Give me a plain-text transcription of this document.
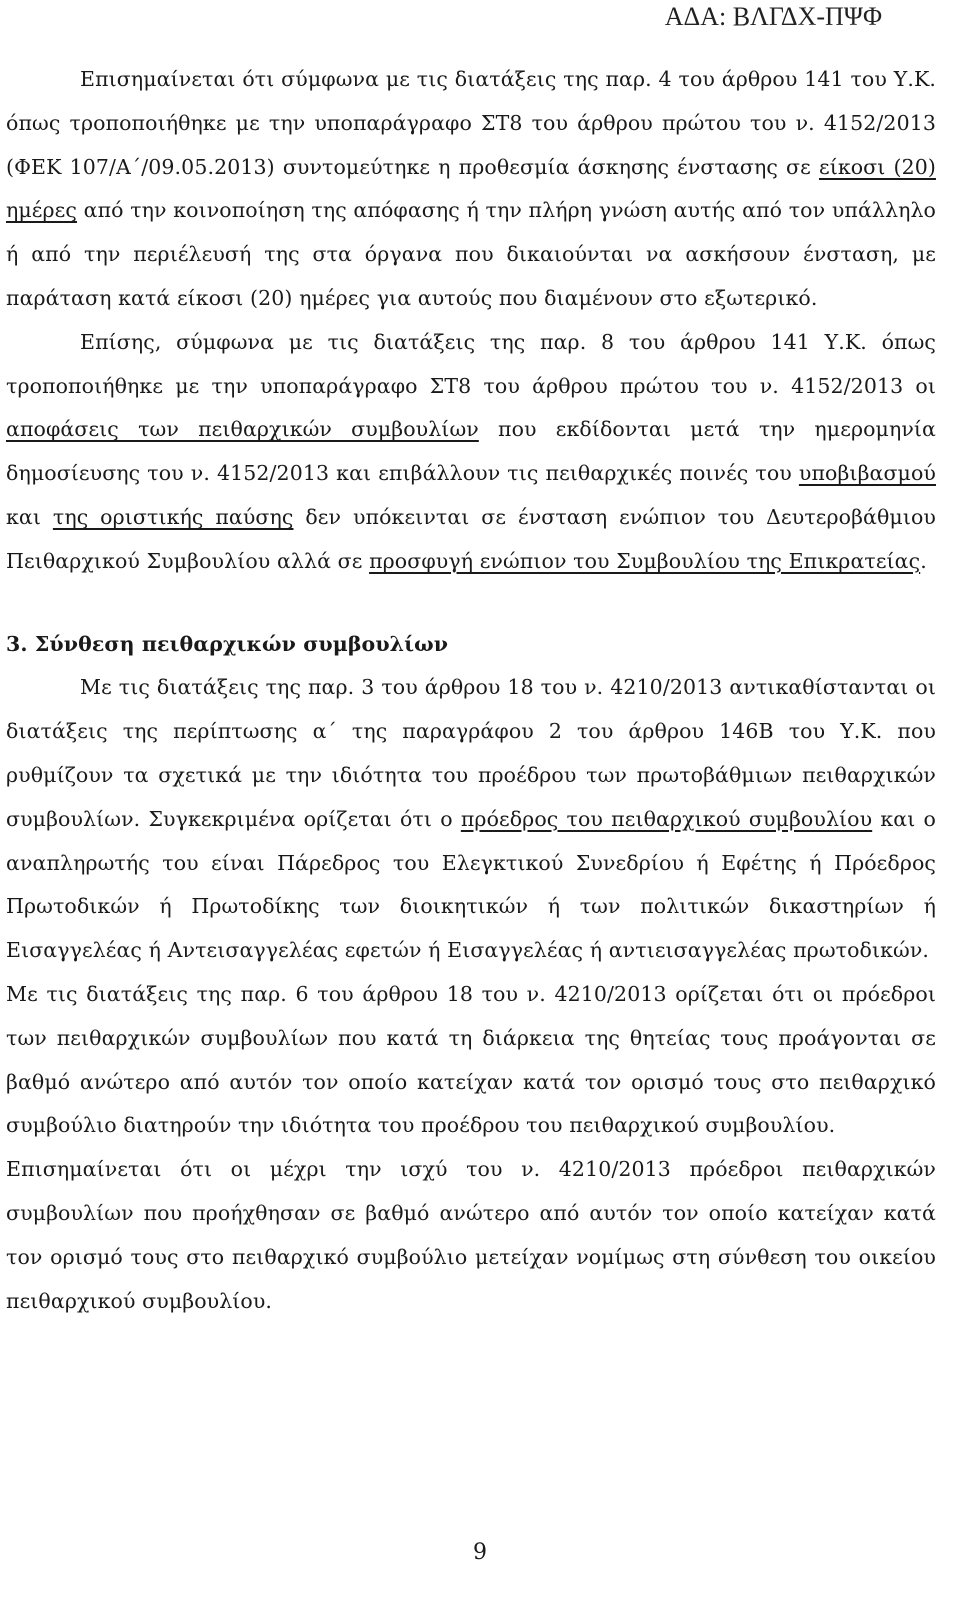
ΑΔΑ: ΒΛΓΔΧ-ΠΨΦ

Επισημαίνεται ότι σύμφωνα με τις διατάξεις της παρ. 4 του άρθρου 141 του Υ.Κ. όπως τροποποιήθηκε με την υποπαράγραφο ΣΤ8 του άρθρου πρώτου του ν. 4152/2013 (ΦΕΚ 107/Α΄/09.05.2013) συντομεύτηκε η προθεσμία άσκησης ένστασης σε είκοσι (20) ημέρες από την κοινοποίηση της απόφασης ή την πλήρη γνώση αυτής από τον υπάλληλο ή από την περιέλευσή της στα όργανα που δικαιούνται να ασκήσουν ένσταση, με παράταση κατά είκοσι (20) ημέρες για αυτούς που διαμένουν στο εξωτερικό.

Επίσης, σύμφωνα με τις διατάξεις της παρ. 8 του άρθρου 141 Υ.Κ. όπως τροποποιήθηκε με την υποπαράγραφο ΣΤ8 του άρθρου πρώτου του ν. 4152/2013 οι αποφάσεις των πειθαρχικών συμβουλίων που εκδίδονται μετά την ημερομηνία δημοσίευσης του ν. 4152/2013 και επιβάλλουν τις πειθαρχικές ποινές του υποβιβασμού και της οριστικής παύσης δεν υπόκεινται σε ένσταση ενώπιον του Δευτεροβάθμιου Πειθαρχικού Συμβουλίου αλλά σε προσφυγή ενώπιον του Συμβουλίου της Επικρατείας.

3. Σύνθεση πειθαρχικών συμβουλίων

Με τις διατάξεις της παρ. 3 του άρθρου 18 του ν. 4210/2013 αντικαθίστανται οι διατάξεις της περίπτωσης α΄ της παραγράφου 2 του άρθρου 146Β του Υ.Κ. που ρυθμίζουν τα σχετικά με την ιδιότητα του προέδρου των πρωτοβάθμιων πειθαρχικών συμβουλίων. Συγκεκριμένα ορίζεται ότι ο πρόεδρος του πειθαρχικού συμβουλίου και ο αναπληρωτής του είναι Πάρεδρος του Ελεγκτικού Συνεδρίου ή Εφέτης ή Πρόεδρος Πρωτοδικών ή Πρωτοδίκης των διοικητικών ή των πολιτικών δικαστηρίων ή Εισαγγελέας ή Αντεισαγγελέας εφετών ή Εισαγγελέας ή αντιεισαγγελέας πρωτοδικών.

Με τις διατάξεις της παρ. 6 του άρθρου 18 του ν. 4210/2013 ορίζεται ότι οι πρόεδροι των πειθαρχικών συμβουλίων που κατά τη διάρκεια της θητείας τους προάγονται σε βαθμό ανώτερο από αυτόν τον οποίο κατείχαν κατά τον ορισμό τους στο πειθαρχικό συμβούλιο διατηρούν την ιδιότητα του προέδρου του πειθαρχικού συμβουλίου.

Επισημαίνεται ότι οι μέχρι την ισχύ του ν. 4210/2013 πρόεδροι πειθαρχικών συμβουλίων που προήχθησαν σε βαθμό ανώτερο από αυτόν τον οποίο κατείχαν κατά τον ορισμό τους στο πειθαρχικό συμβούλιο μετείχαν νομίμως στη σύνθεση του οικείου πειθαρχικού συμβουλίου.

9
